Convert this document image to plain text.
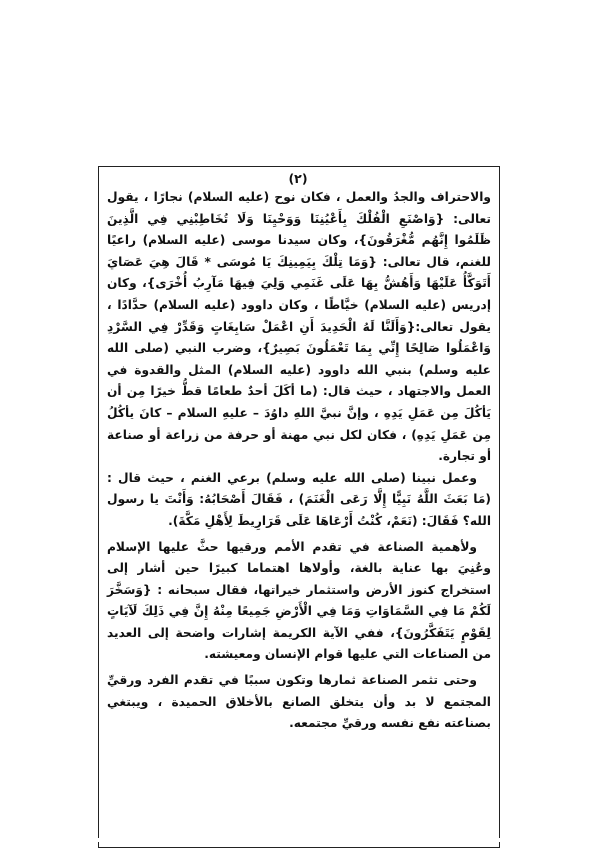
(٢)

والاحتراف والجدُ والعمل ، فكان نوح (عليه السلام) نجارًا ، يقول تعالى: {وَاصْنَعِ الْفُلْكَ بِأَعْيُنِنَا وَوَحْيِنَا وَلَا تُخَاطِبْنِي فِي الَّذِينَ ظَلَمُوا إِنَّهُم مُّغْرَقُونَ}، وكان سيدنا موسى (عليه السلام) راعيًا للغنم، قال تعالى: {وَمَا تِلْكَ بِيَمِينِكَ يَا مُوسَى * قَالَ هِيَ عَصَايَ أَتَوَكَّأُ عَلَيْهَا وَأَهُشُّ بِهَا عَلَى غَنَمِي وَلِيَ فِيهَا مَآرِبُ أُخْرَى}، وكان إدريس (عليه السلام) خيَّاطًا ، وكان داوود (عليه السلام) حدَّادًا ، يقول تعالى:{وَأَلَنَّا لَهُ الْحَدِيدَ أَنِ اعْمَلْ سَابِغَاتٍ وَقَدِّرْ فِي السَّرْدِ وَاعْمَلُوا صَالِحًا إِنِّي بِمَا تَعْمَلُونَ بَصِيرٌ}، وضرب النبي (صلى الله عليه وسلم) بنبي الله داوود (عليه السلام) المثل والقدوة في العمل والاجتهاد ، حيث قال: (ما أكَلَ أحدٌ طعامًا قطُّ خيرًا مِن أن يَأكُلَ مِن عَمَلِ يَدِهِ ، وإنَّ نبيَّ اللهِ داوُدَ – عليهِ السلام – كانَ يأكُلُ مِن عَمَلِ يَدِهِ) ، فكان لكل نبي مهنة أو حرفة من زراعة أو صناعة أو تجارة.

وعمل نبينا (صلى الله عليه وسلم) برعي الغنم ، حيث قال : (مَا بَعَثَ اللَّهُ نَبِيًّا إِلَّا رَعَى الْغَنَمَ) ، فَقَالَ أَصْحَابُهُ: وَأَنْتَ يا رسول الله؟ فَقَالَ: (نَعَمْ، كُنْتُ أَرْعَاهَا عَلَى قَرَارِيطَ لِأَهْلِ مَكَّةَ).

ولأهمية الصناعة في تقدم الأمم ورقيها حثَّ عليها الإسلام وعُنِيَ بها عناية بالغة، وأولاها اهتماما كبيرًا حين أشار إلى استخراج كنوز الأرض واستثمار خيراتها، فقال سبحانه : {وَسَخَّرَ لَكُمْ مَا فِي السَّمَاوَاتِ وَمَا فِي الْأَرْضِ جَمِيعًا مِنْهُ إِنَّ فِي ذَلِكَ لَآيَاتٍ لِقَوْمٍ يَتَفَكَّرُونَ}، ففي الآية الكريمة إشارات واضحة إلى العديد من الصناعات التي عليها قوام الإنسان ومعيشته.

وحتى تثمر الصناعة ثمارها وتكون سببًا في تقدم الفرد ورقيِّ المجتمع لا بد وأن يتخلق الصانع بالأخلاق الحميدة ، ويبتغي بصناعته نفع نفسه ورقيِّ مجتمعه.
